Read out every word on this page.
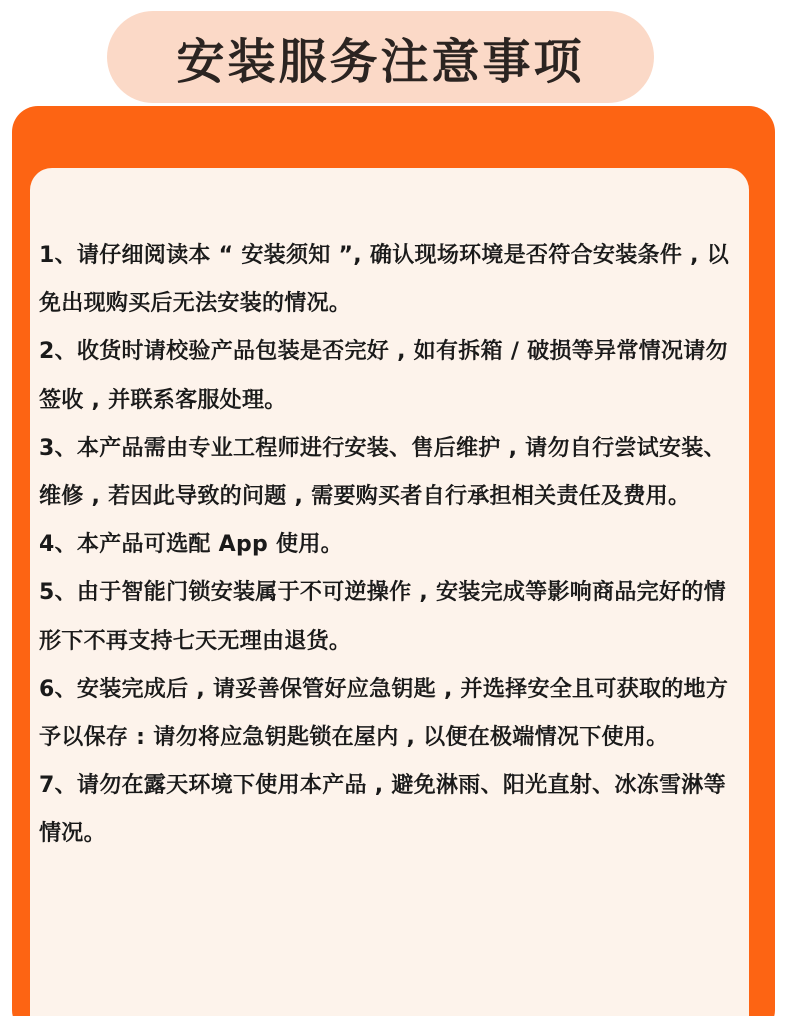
安装服务注意事项
1、请仔细阅读本 “ 安装须知 ”, 确认现场环境是否符合安装条件 , 以免出现购买后无法安装的情况。
2、收货时请校验产品包装是否完好 , 如有拆箱 / 破损等异常情况请勿签收 , 并联系客服处理。
3、本产品需由专业工程师进行安装、售后维护 , 请勿自行尝试安装、维修 , 若因此导致的问题 , 需要购买者自行承担相关责任及费用。
4、本产品可选配 App 使用。
5、由于智能门锁安装属于不可逆操作 , 安装完成等影响商品完好的情形下不再支持七天无理由退货。
6、安装完成后 , 请妥善保管好应急钥匙 , 并选择安全且可获取的地方予以保存 : 请勿将应急钥匙锁在屋内 , 以便在极端情况下使用。
7、请勿在露天环境下使用本产品 , 避免淋雨、阳光直射、冰冻雪淋等情况。
